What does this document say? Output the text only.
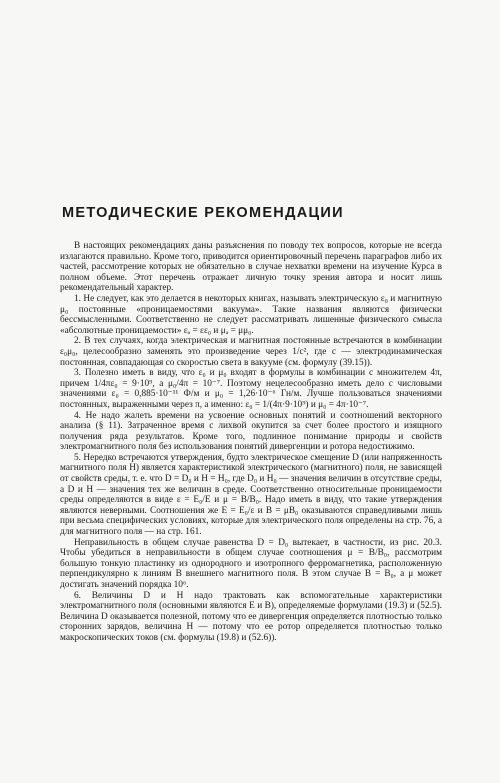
МЕТОДИЧЕСКИЕ РЕКОМЕНДАЦИИ

В настоящих рекомендациях даны разъяснения по поводу тех вопросов, которые не всегда излагаются правильно. Кроме того, приводится ориентировочный перечень параграфов либо их частей, рассмотрение которых не обязательно в случае нехватки времени на изучение Курса в полном объеме. Этот перечень отражает личную точку зрения автора и носит лишь рекомендательный характер.

1. Не следует, как это делается в некоторых книгах, называть электрическую ε₀ и магнитную μ₀ постоянные «проницаемостями вакуума». Такие названия являются физически бессмысленными. Соответственно не следует рассматривать лишенные физического смысла «абсолютные проницаемости» εₐ = εε₀ и μₐ = μμ₀.

2. В тех случаях, когда электрическая и магнитная постоянные встречаются в комбинации ε₀μ₀, целесообразно заменять это произведение через 1/c², где c — электродинамическая постоянная, совпадающая со скоростью света в вакууме (см. формулу (39.15)).

3. Полезно иметь в виду, что ε₀ и μ₀ входят в формулы в комбинации с множителем 4π, причем 1/4πε₀ = 9·10⁹, а μ₀/4π = 10⁻⁷. Поэтому нецелесообразно иметь дело с числовыми значениями ε₀ = 0,885·10⁻¹¹ Ф/м и μ₀ = 1,26·10⁻⁶ Гн/м. Лучше пользоваться значениями постоянных, выраженными через π, а именно: ε₀ = 1/(4π·9·10⁹) и μ₀ = 4π·10⁻⁷.

4. Не надо жалеть времени на усвоение основных понятий и соотношений векторного анализа (§ 11). Затраченное время с лихвой окупится за счет более простого и изящного получения ряда результатов. Кроме того, подлинное понимание природы и свойств электромагнитного поля без использования понятий дивергенции и ротора недостижимо.

5. Нередко встречаются утверждения, будто электрическое смещение D (или напряженность магнитного поля H) является характеристикой электрического (магнитного) поля, не зависящей от свойств среды, т. е. что D = D₀ и H = H₀, где D₀ и H₀ — значения величин в отсутствие среды, а D и H — значения тех же величин в среде. Соответственно относительные проницаемости среды определяются в виде ε = E₀/E и μ = B/B₀. Надо иметь в виду, что такие утверждения являются неверными. Соотношения же E = E₀/ε и B = μB₀ оказываются справедливыми лишь при весьма специфических условиях, которые для электрического поля определены на стр. 76, а для магнитного поля — на стр. 161.

Неправильность в общем случае равенства D = D₀ вытекает, в частности, из рис. 20.3. Чтобы убедиться в неправильности в общем случае соотношения μ = B/B₀, рассмотрим большую тонкую пластинку из однородного и изотропного ферромагнетика, расположенную перпендикулярно к линиям B внешнего магнитного поля. В этом случае B = B₀, а μ может достигать значений порядка 10⁶.

6. Величины D и H надо трактовать как вспомогательные характеристики электромагнитного поля (основными являются E и B), определяемые формулами (19.3) и (52.5). Величина D оказывается полезной, потому что ее дивергенция определяется плотностью только сторонних зарядов, величина H — потому что ее ротор определяется плотностью только макроскопических токов (см. формулы (19.8) и (52.6)).
